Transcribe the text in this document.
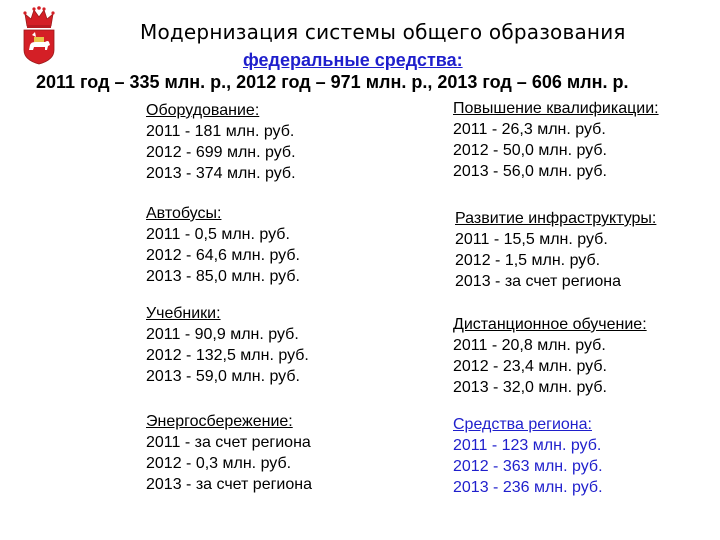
Модернизация системы общего образования
федеральные средства:
2011 год – 335 млн. р., 2012 год – 971 млн. р., 2013 год – 606 млн. р.
Оборудование:
2011 - 181 млн. руб.
2012 - 699 млн. руб.
2013 - 374 млн. руб.
Автобусы:
2011 - 0,5 млн. руб.
2012 - 64,6 млн. руб.
2013 - 85,0 млн. руб.
Учебники:
2011 - 90,9 млн. руб.
2012 - 132,5 млн. руб.
2013 - 59,0 млн. руб.
Энергосбережение:
2011 - за счет региона
2012 - 0,3 млн. руб.
2013 - за счет региона
Повышение квалификации:
2011 - 26,3 млн. руб.
2012 - 50,0 млн. руб.
2013 - 56,0 млн. руб.
Развитие инфраструктуры:
2011 - 15,5 млн. руб.
2012 - 1,5 млн. руб.
2013 - за счет региона
Дистанционное обучение:
2011 - 20,8 млн. руб.
2012 - 23,4 млн. руб.
2013 - 32,0 млн. руб.
Средства региона:
2011 - 123 млн. руб.
2012 - 363 млн. руб.
2013 - 236 млн. руб.
